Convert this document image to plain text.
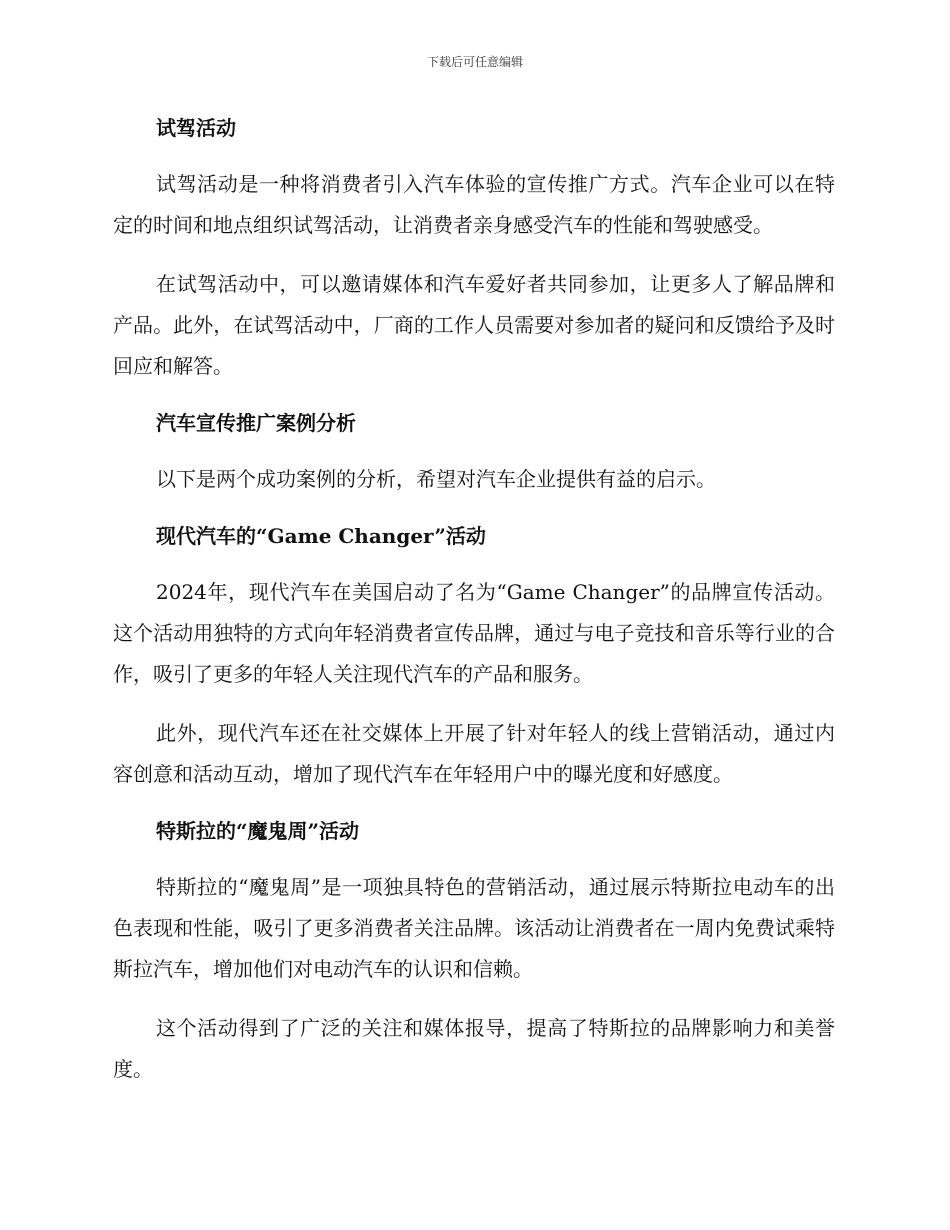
下载后可任意编辑
试驾活动

试驾活动是一种将消费者引入汽车体验的宣传推广方式。汽车企业可以在特定的时间和地点组织试驾活动，让消费者亲身感受汽车的性能和驾驶感受。

在试驾活动中，可以邀请媒体和汽车爱好者共同参加，让更多人了解品牌和产品。此外，在试驾活动中，厂商的工作人员需要对参加者的疑问和反馈给予及时回应和解答。

汽车宣传推广案例分析

以下是两个成功案例的分析，希望对汽车企业提供有益的启示。

现代汽车的“Game Changer”活动

2024年，现代汽车在美国启动了名为“Game Changer”的品牌宣传活动。这个活动用独特的方式向年轻消费者宣传品牌，通过与电子竞技和音乐等行业的合作，吸引了更多的年轻人关注现代汽车的产品和服务。

此外，现代汽车还在社交媒体上开展了针对年轻人的线上营销活动，通过内容创意和活动互动，增加了现代汽车在年轻用户中的曝光度和好感度。

特斯拉的“魔鬼周”活动

特斯拉的“魔鬼周”是一项独具特色的营销活动，通过展示特斯拉电动车的出色表现和性能，吸引了更多消费者关注品牌。该活动让消费者在一周内免费试乘特斯拉汽车，增加他们对电动汽车的认识和信赖。

这个活动得到了广泛的关注和媒体报导，提高了特斯拉的品牌影响力和美誉度。
